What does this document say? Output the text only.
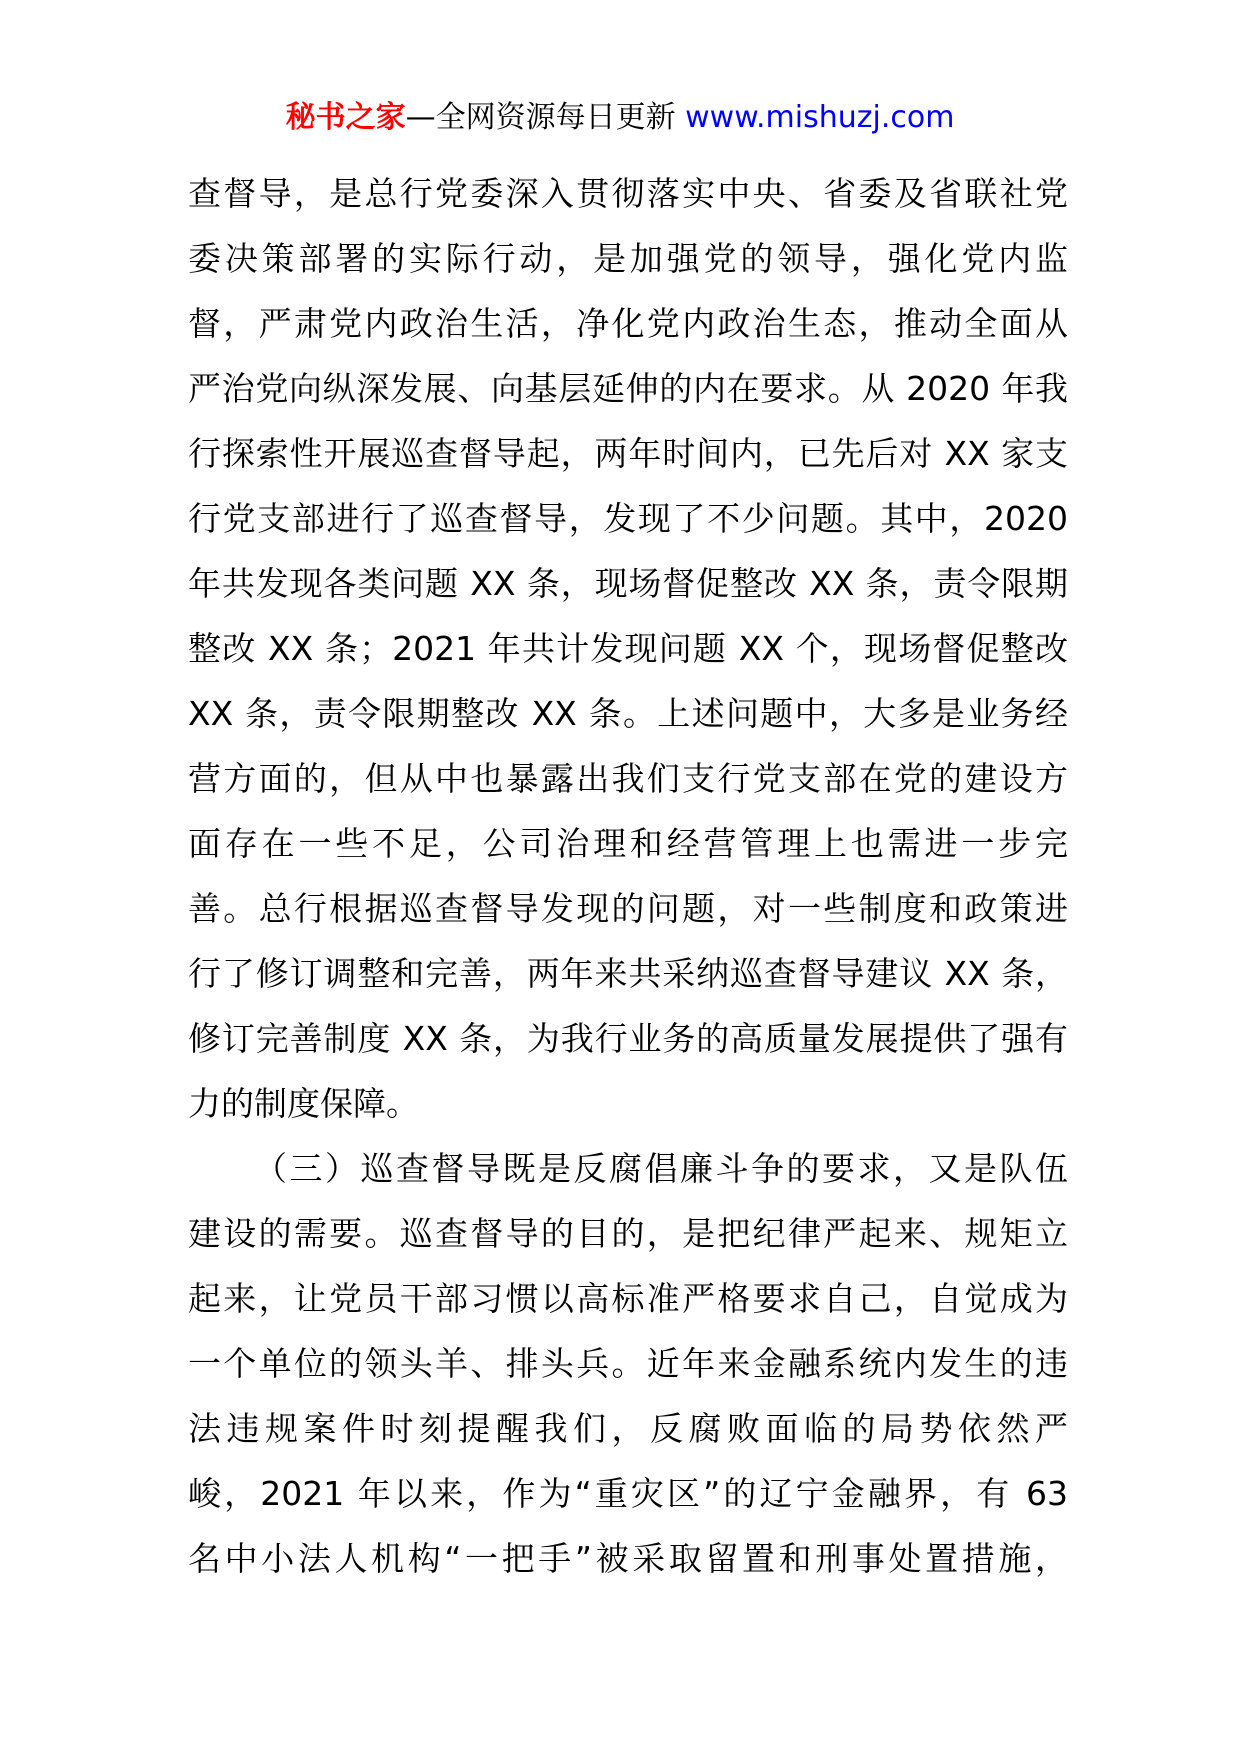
秘书之家—全网资源每日更新 www.mishuzj.com
查督导，是总行党委深入贯彻落实中央、省委及省联社党
委决策部署的实际行动，是加强党的领导，强化党内监
督，严肃党内政治生活，净化党内政治生态，推动全面从
严治党向纵深发展、向基层延伸的内在要求。从 2020 年我
行探索性开展巡查督导起，两年时间内，已先后对 XX 家支
行党支部进行了巡查督导，发现了不少问题。其中，2020
年共发现各类问题 XX 条，现场督促整改 XX 条，责令限期
整改 XX 条；2021 年共计发现问题 XX 个，现场督促整改
XX 条，责令限期整改 XX 条。上述问题中，大多是业务经
营方面的，但从中也暴露出我们支行党支部在党的建设方
面存在一些不足，公司治理和经营管理上也需进一步完
善。总行根据巡查督导发现的问题，对一些制度和政策进
行了修订调整和完善，两年来共采纳巡查督导建议 XX 条，
修订完善制度 XX 条，为我行业务的高质量发展提供了强有
力的制度保障。
（三）巡查督导既是反腐倡廉斗争的要求，又是队伍
建设的需要。巡查督导的目的，是把纪律严起来、规矩立
起来，让党员干部习惯以高标准严格要求自己，自觉成为
一个单位的领头羊、排头兵。近年来金融系统内发生的违
法违规案件时刻提醒我们，反腐败面临的局势依然严
峻，2021 年以来，作为“重灾区”的辽宁金融界，有 63
名中小法人机构“一把手”被采取留置和刑事处置措施，
